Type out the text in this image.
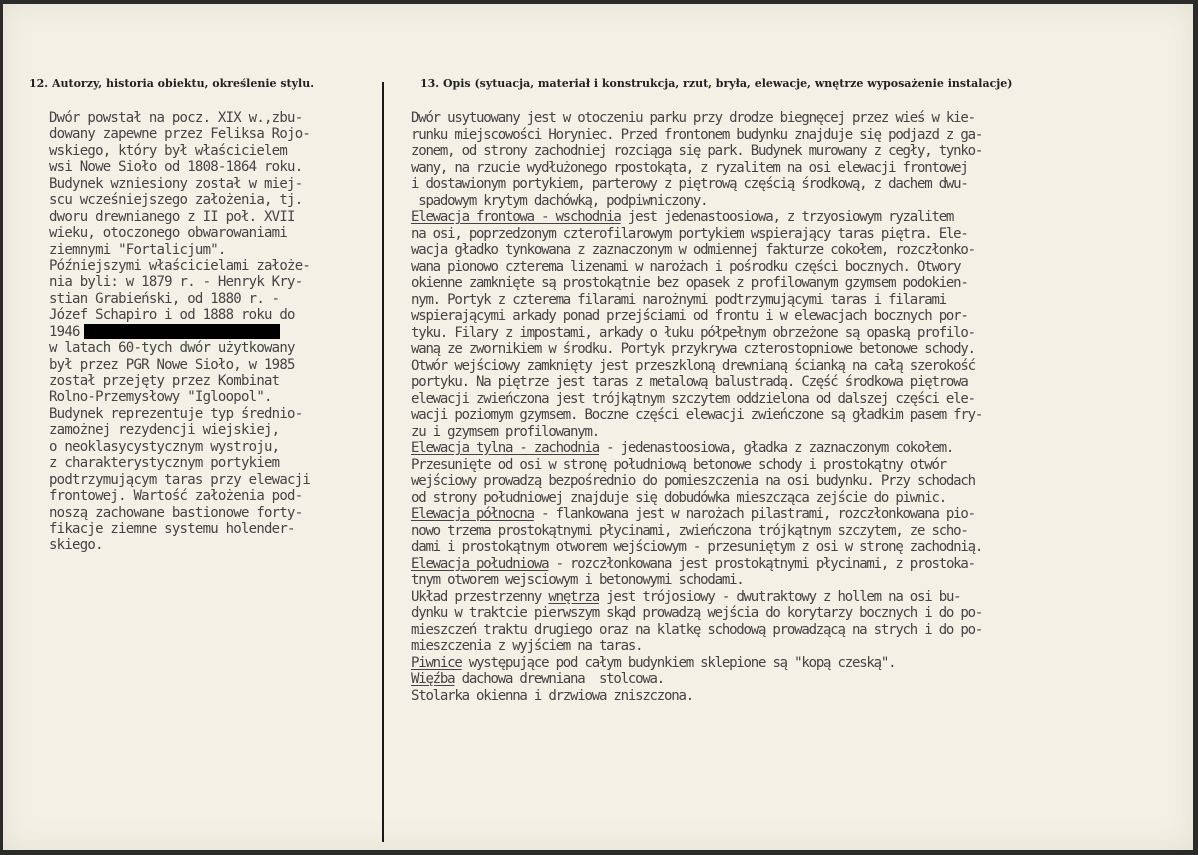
12. Autorzy, historia obiektu, określenie stylu.	13. Opis (sytuacja, materiał i konstrukcja, rzut, bryła, elewacje, wnętrze wyposażenie instalacje)
Dwór powstał na pocz. XIX w.,zbu-
dowany zapewne przez Feliksa Rojo-
wskiego, który był właścicielem
wsi Nowe Sioło od 1808-1864 roku.
Budynek wzniesiony został w miej-
scu wcześniejszego założenia, tj.
dworu drewnianego z II poł. XVII
wieku, otoczonego obwarowaniami
ziemnymi "Fortalicjum".
Późniejszymi właścicielami założe-
nia byli: w 1879 r. - Henryk Kry-
stian Grabieński, od 1880 r. -
Józef Schapiro i od 1888 roku do
1946
w latach 60-tych dwór użytkowany
był przez PGR Nowe Sioło, w 1985
został przejęty przez Kombinat
Rolno-Przemysłowy "Igloopol".
Budynek reprezentuje typ średnio-
zamożnej rezydencji wiejskiej,
o neoklasycystycznym wystroju,
z charakterystycznym portykiem
podtrzymującym taras przy elewacji
frontowej. Wartość założenia pod-
noszą zachowane bastionowe forty-
fikacje ziemne systemu holender-
skiego.
Dwór usytuowany jest w otoczeniu parku przy drodze biegnęcej przez wieś w kie-
runku miejscowości Horyniec. Przed frontonem budynku znajduje się podjazd z ga-
zonem, od strony zachodniej rozciąga się park. Budynek murowany z cegły, tynko-
wany, na rzucie wydłużonego rpostokąta, z ryzalitem na osi elewacji frontowej
i dostawionym portykiem, parterowy z piętrową częścią środkową, z dachem dwu-
spadowym krytym dachówką, podpiwniczony.
Elewacja frontowa - wschodnia jest jedenastoosiowa, z trzyosiowym ryzalitem
na osi, poprzedzonym czterofilarowym portykiem wspierający taras piętra. Ele-
wacja gładko tynkowana z zaznaczonym w odmiennej fakturze cokołem, rozczłonko-
wana pionowo czterema lizenami w narożach i pośrodku części bocznych. Otwory
okienne zamknięte są prostokątnie bez opasek z profilowanym gzymsem podokien-
nym. Portyk z czterema filarami narożnymi podtrzymującymi taras i filarami
wspierającymi arkady ponad przejściami od frontu i w elewacjach bocznych por-
tyku. Filary z impostami, arkady o łuku półpełnym obrzeżone są opaską profilo-
waną ze zwornikiem w środku. Portyk przykrywa czterostopniowe betonowe schody.
Otwór wejściowy zamknięty jest przeszkloną drewnianą ścianką na całą szerokość
portyku. Na piętrze jest taras z metalową balustradą. Część środkowa piętrowa
elewacji zwieńczona jest trójkątnym szczytem oddzielona od dalszej części ele-
wacji poziomym gzymsem. Boczne części elewacji zwieńczone są gładkim pasem fry-
zu i gzymsem profilowanym.
Elewacja tylna - zachodnia - jedenastoosiowa, gładka z zaznaczonym cokołem.
Przesunięte od osi w stronę południową betonowe schody i prostokątny otwór
wejściowy prowadzą bezpośrednio do pomieszczenia na osi budynku. Przy schodach
od strony południowej znajduje się dobudówka mieszcząca zejście do piwnic.
Elewacja północna - flankowana jest w narożach pilastrami, rozczłonkowana pio-
nowo trzema prostokątnymi płycinami, zwieńczona trójkątnym szczytem, ze scho-
dami i prostokątnym otworem wejściowym - przesuniętym z osi w stronę zachodnią.
Elewacja południowa - rozczłonkowana jest prostokątnymi płycinami, z prostoka-
tnym otworem wejsciowym i betonowymi schodami.
Układ przestrzenny wnętrza jest trójosiowy - dwutraktowy z hollem na osi bu-
dynku w traktcie pierwszym skąd prowadzą wejścia do korytarzy bocznych i do po-
mieszczeń traktu drugiego oraz na klatkę schodową prowadzącą na strych i do po-
mieszczenia z wyjściem na taras.
Piwnice występujące pod całym budynkiem sklepione są "kopą czeską".
Więźba dachowa drewniana  stolcowa.
Stolarka okienna i drzwiowa zniszczona.
